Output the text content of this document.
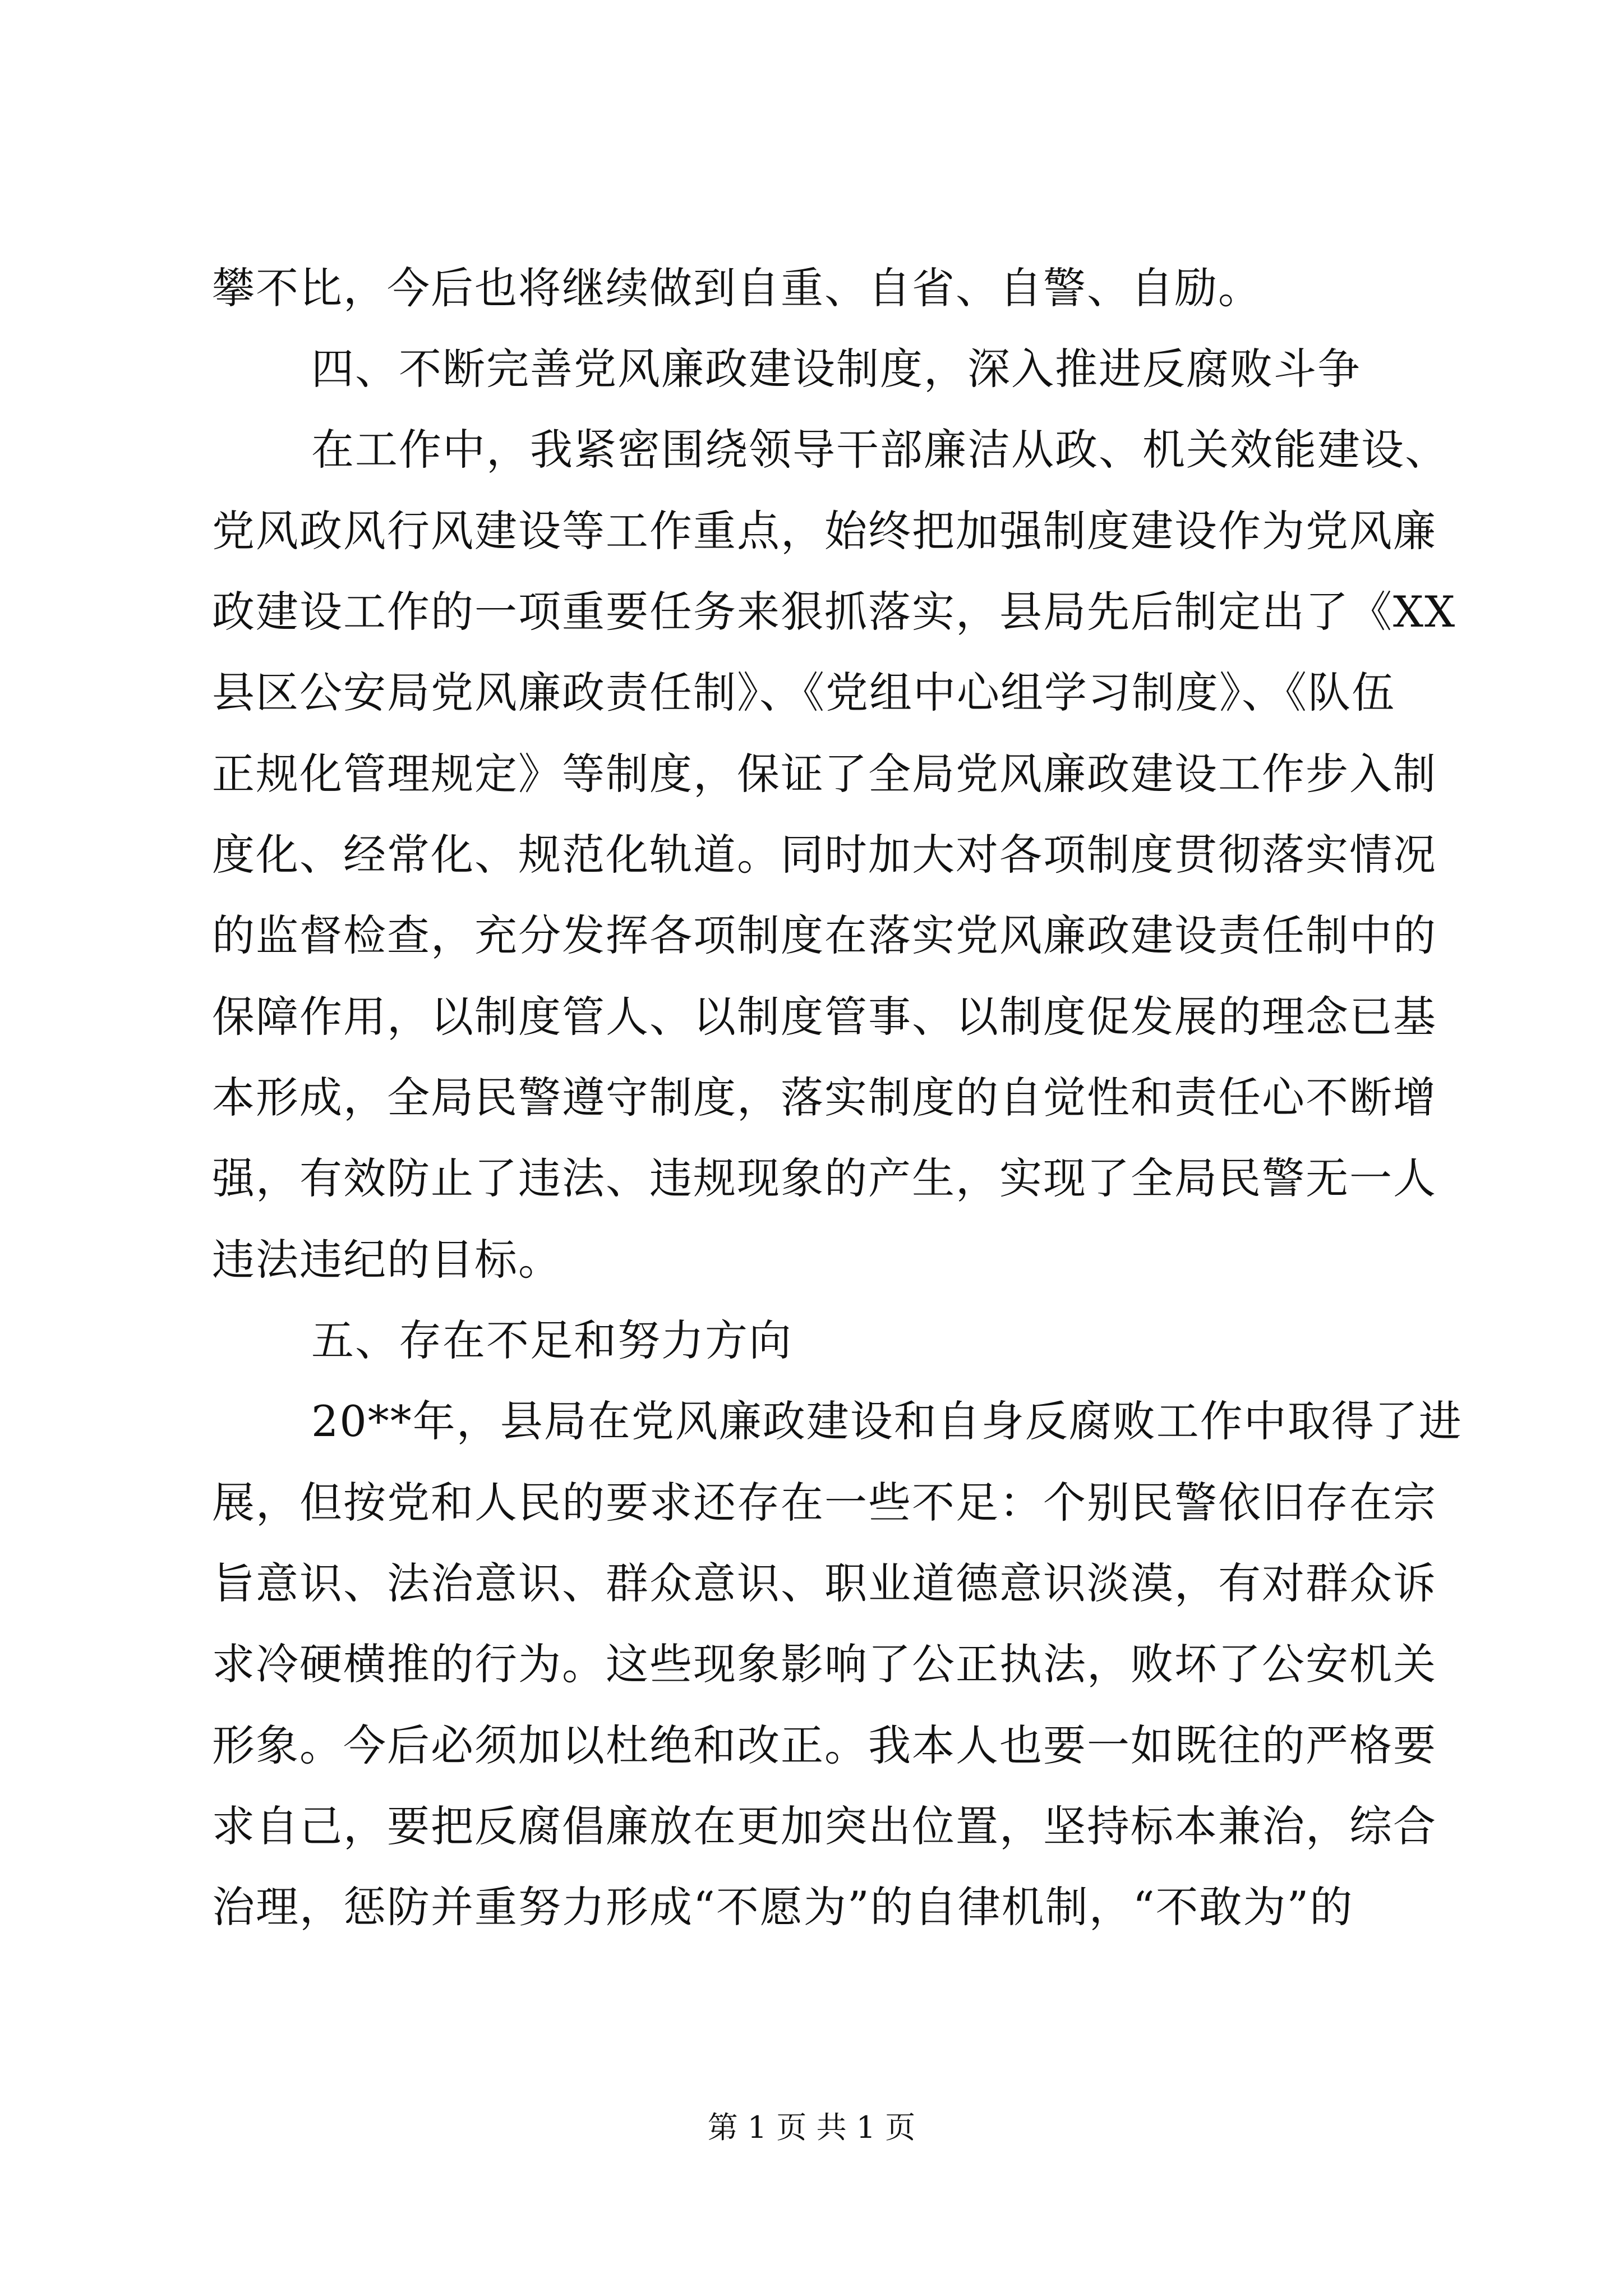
攀不比，今后也将继续做到自重、自省、自警、自励。

四、不断完善党风廉政建设制度，深入推进反腐败斗争

在工作中，我紧密围绕领导干部廉洁从政、机关效能建设、

党风政风行风建设等工作重点，始终把加强制度建设作为党风廉

政建设工作的一项重要任务来狠抓落实，县局先后制定出了《XX

县区公安局党风廉政责任制》、《党组中心组学习制度》、《队伍

正规化管理规定》等制度，保证了全局党风廉政建设工作步入制

度化、经常化、规范化轨道。同时加大对各项制度贯彻落实情况

的监督检查，充分发挥各项制度在落实党风廉政建设责任制中的

保障作用，以制度管人、以制度管事、以制度促发展的理念已基

本形成，全局民警遵守制度，落实制度的自觉性和责任心不断增

强，有效防止了违法、违规现象的产生，实现了全局民警无一人

违法违纪的目标。

五、存在不足和努力方向

20**年，县局在党风廉政建设和自身反腐败工作中取得了进

展，但按党和人民的要求还存在一些不足：个别民警依旧存在宗

旨意识、法治意识、群众意识、职业道德意识淡漠，有对群众诉

求冷硬横推的行为。这些现象影响了公正执法，败坏了公安机关

形象。今后必须加以杜绝和改正。我本人也要一如既往的严格要

求自己，要把反腐倡廉放在更加突出位置，坚持标本兼治，综合

治理，惩防并重努力形成“不愿为”的自律机制，“不敢为”的

第 1 页 共 1 页
